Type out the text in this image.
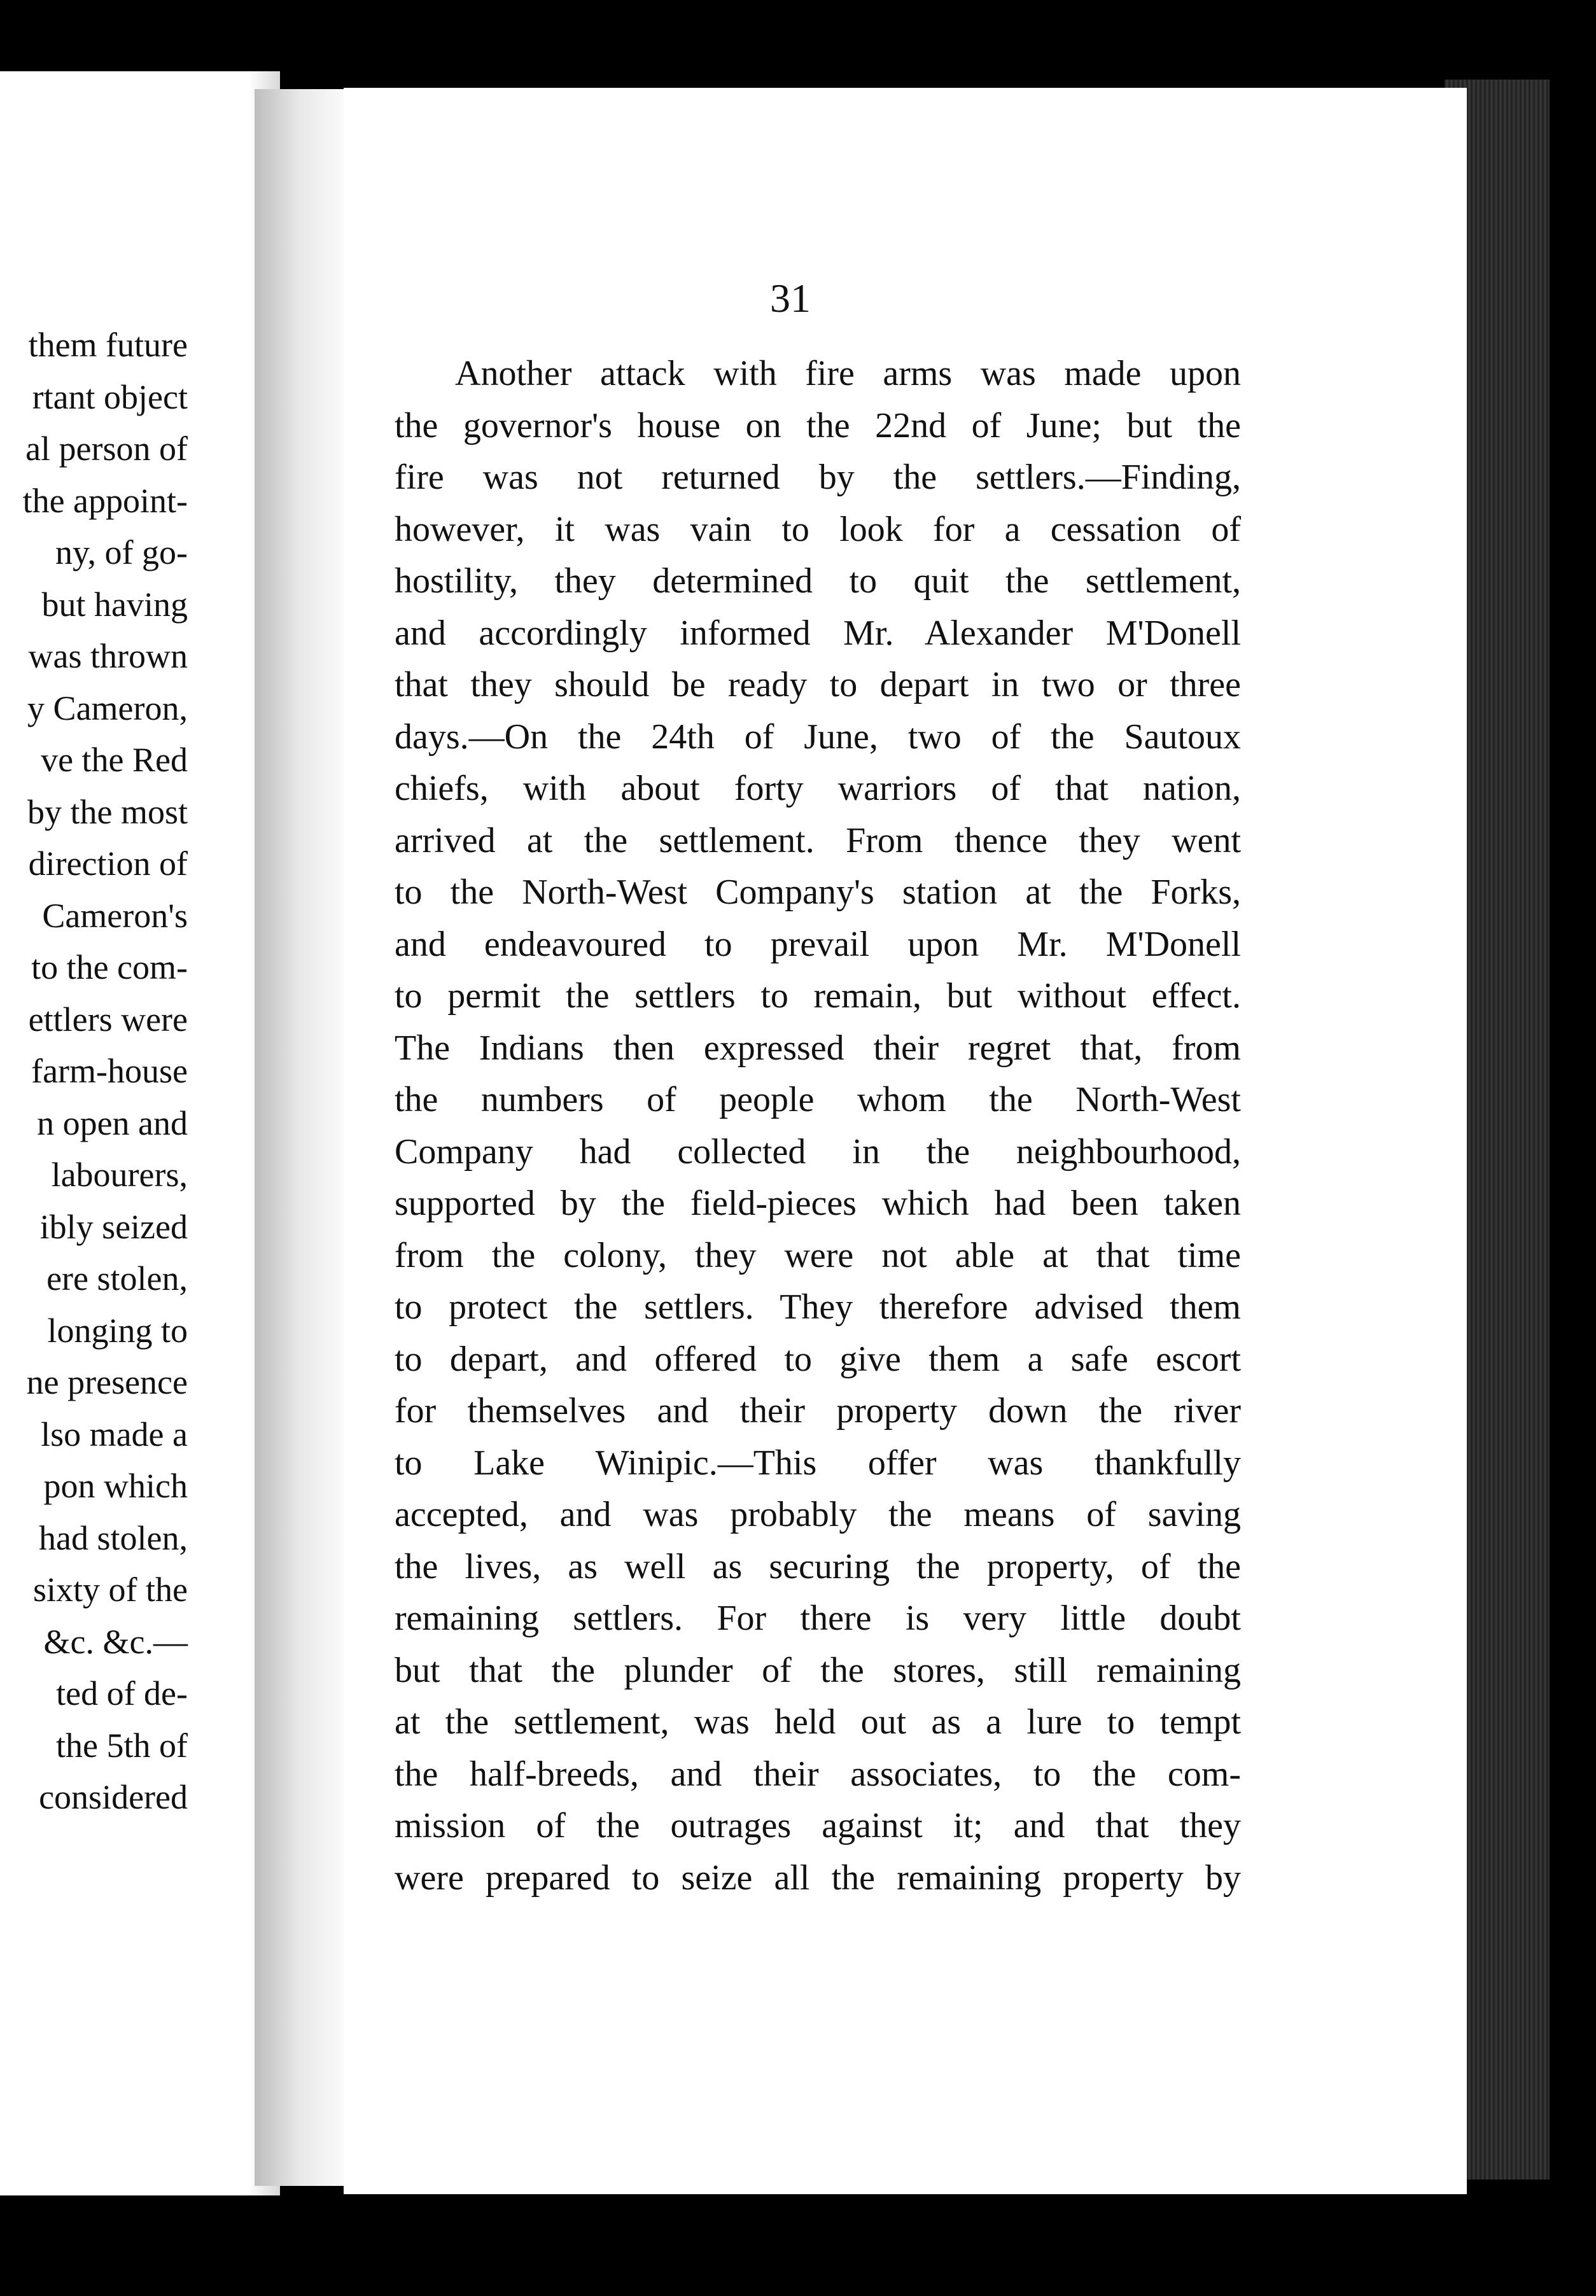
them future
rtant object
al person of
the appoint-
ny, of go-
but having
was thrown
y Cameron,
ve the Red
by the most
direction of
Cameron's
to the com-
ettlers were
farm-house
n open and
labourers,
ibly seized
ere stolen,
longing to
ne presence
lso made a
pon which
had stolen,
sixty of the
&c. &c.—
ted of de-
the 5th of
considered
31
Another attack with fire arms was made upon
the governor's house on the 22nd of June; but the
fire was not returned by the settlers.—Finding,
however, it was vain to look for a cessation of
hostility, they determined to quit the settlement,
and accordingly informed Mr. Alexander M'Donell
that they should be ready to depart in two or three
days.—On the 24th of June, two of the Sautoux
chiefs, with about forty warriors of that nation,
arrived at the settlement. From thence they went
to the North-West Company's station at the Forks,
and endeavoured to prevail upon Mr. M'Donell
to permit the settlers to remain, but without effect.
The Indians then expressed their regret that, from
the numbers of people whom the North-West
Company had collected in the neighbourhood,
supported by the field-pieces which had been taken
from the colony, they were not able at that time
to protect the settlers. They therefore advised them
to depart, and offered to give them a safe escort
for themselves and their property down the river
to Lake Winipic.—This offer was thankfully
accepted, and was probably the means of saving
the lives, as well as securing the property, of the
remaining settlers. For there is very little doubt
but that the plunder of the stores, still remaining
at the settlement, was held out as a lure to tempt
the half-breeds, and their associates, to the com-
mission of the outrages against it; and that they
were prepared to seize all the remaining property by
